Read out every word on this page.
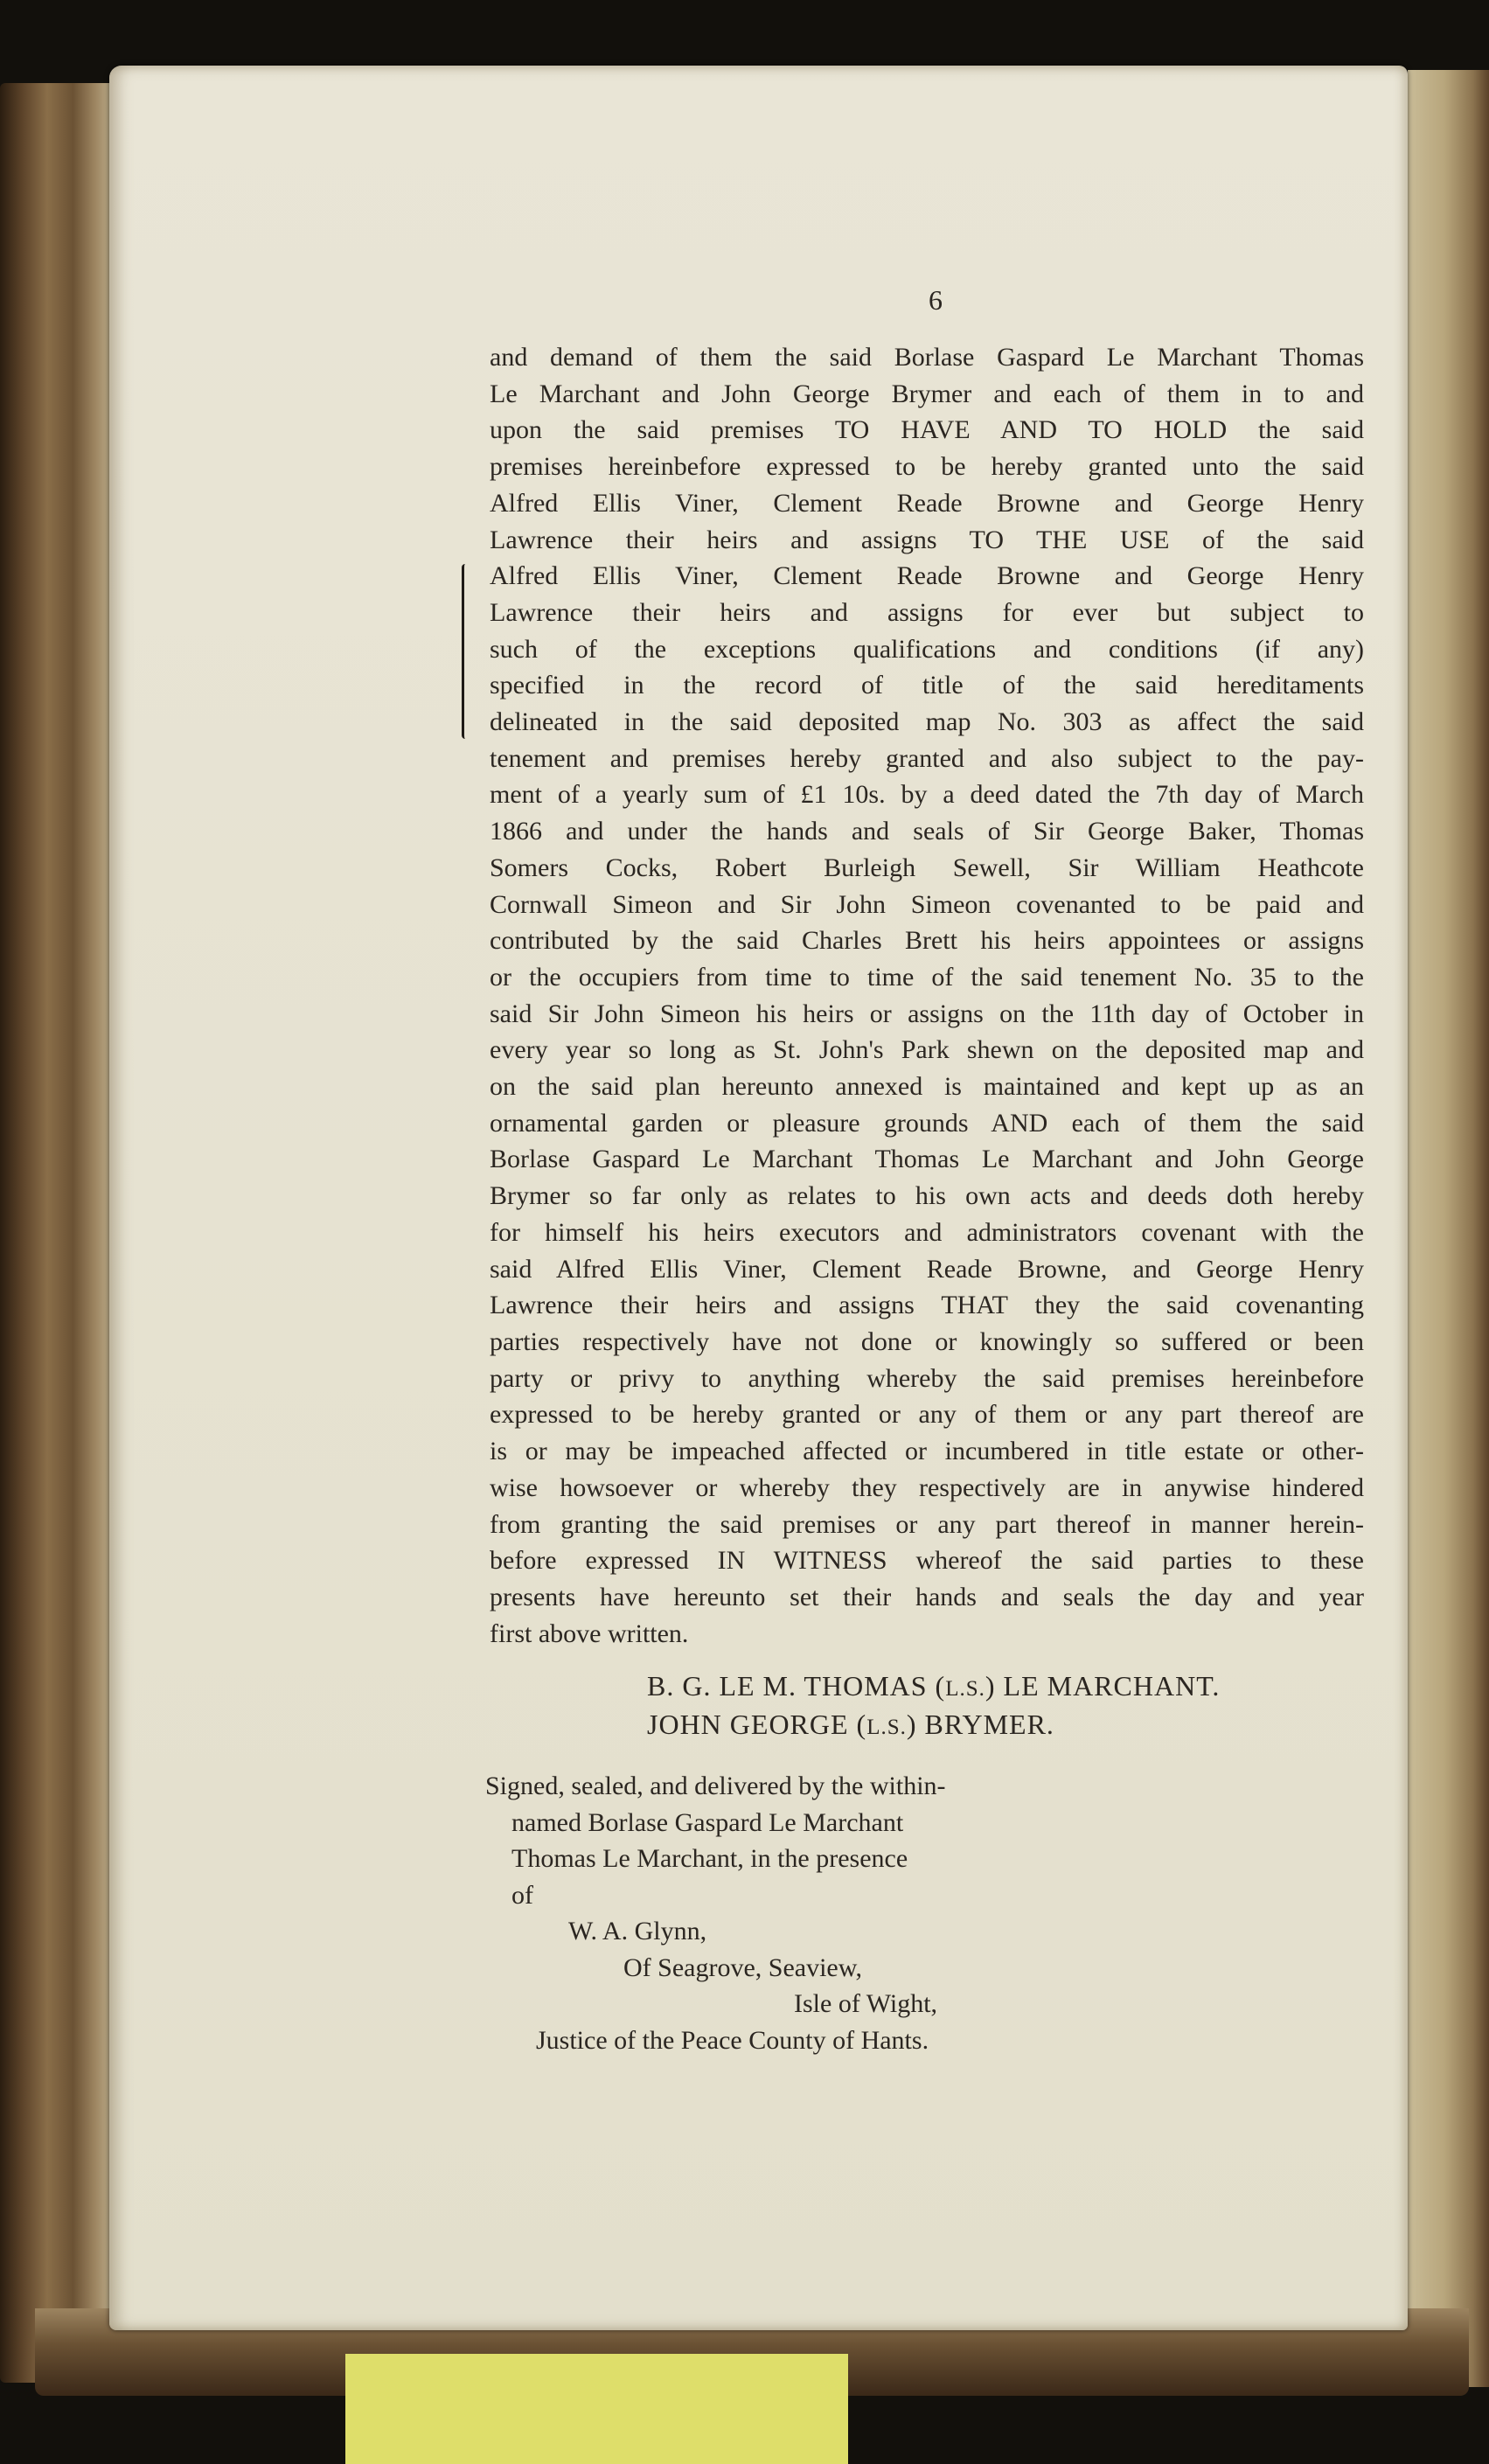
6

and demand of them the said Borlase Gaspard Le Marchant Thomas
Le Marchant and John George Brymer and each of them in to and
upon the said premises TO HAVE AND TO HOLD the said
premises hereinbefore expressed to be hereby granted unto the said
Alfred Ellis Viner, Clement Reade Browne and George Henry
Lawrence their heirs and assigns TO THE USE of the said
Alfred Ellis Viner, Clement Reade Browne and George Henry
Lawrence their heirs and assigns for ever but subject to
such of the exceptions qualifications and conditions (if any)
specified in the record of title of the said hereditaments
delineated in the said deposited map No. 303 as affect the said
tenement and premises hereby granted and also subject to the pay-
ment of a yearly sum of £1 10s. by a deed dated the 7th day of March
1866 and under the hands and seals of Sir George Baker, Thomas
Somers Cocks, Robert Burleigh Sewell, Sir William Heathcote
Cornwall Simeon and Sir John Simeon covenanted to be paid and
contributed by the said Charles Brett his heirs appointees or assigns
or the occupiers from time to time of the said tenement No. 35 to the
said Sir John Simeon his heirs or assigns on the 11th day of October in
every year so long as St. John's Park shewn on the deposited map and
on the said plan hereunto annexed is maintained and kept up as an
ornamental garden or pleasure grounds AND each of them the said
Borlase Gaspard Le Marchant Thomas Le Marchant and John George
Brymer so far only as relates to his own acts and deeds doth hereby
for himself his heirs executors and administrators covenant with the
said Alfred Ellis Viner, Clement Reade Browne, and George Henry
Lawrence their heirs and assigns THAT they the said covenanting
parties respectively have not done or knowingly so suffered or been
party or privy to anything whereby the said premises hereinbefore
expressed to be hereby granted or any of them or any part thereof are
is or may be impeached affected or incumbered in title estate or other-
wise howsoever or whereby they respectively are in anywise hindered
from granting the said premises or any part thereof in manner herein-
before expressed IN WITNESS whereof the said parties to these
presents have hereunto set their hands and seals the day and year
first above written.

B. G. LE M. THOMAS (L.S.) LE MARCHANT.
JOHN GEORGE (L.S.) BRYMER.
Signed, sealed, and delivered by the within-
named Borlase Gaspard Le Marchant
Thomas Le Marchant, in the presence
of
W. A. Glynn,
Of Seagrove, Seaview,
Isle of Wight,
Justice of the Peace County of Hants.
